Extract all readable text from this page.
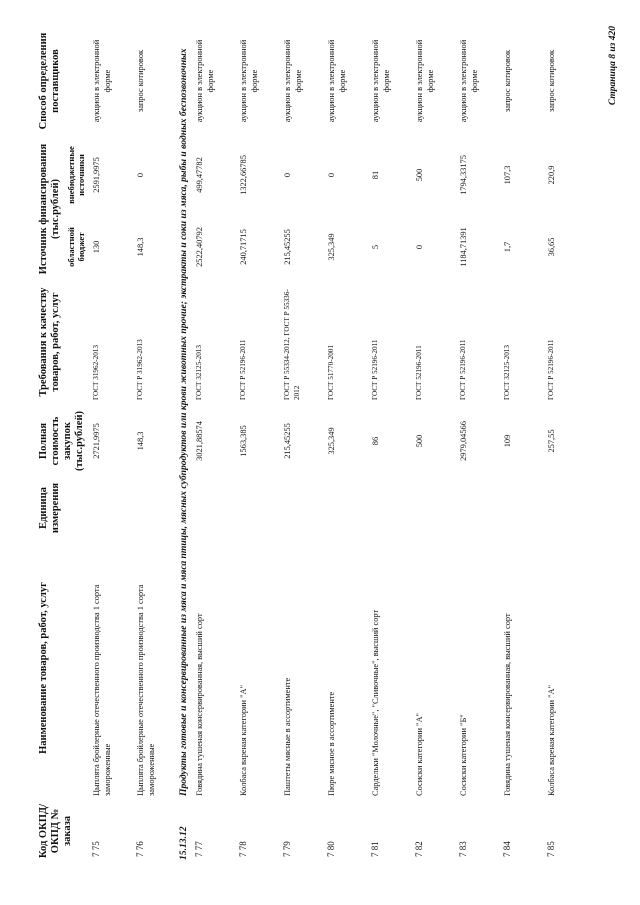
Код ОКПД/ ОКПД № заказа	Наименование товаров, работ, услуг	Единица измерения	Полная стоимость закупок (тыс.рублей)	Требования к качеству товаров, работ, услуг	Источник финансирования (тыс.рублей)		Способ определения поставщиков
					областной бюджет	внебюджетные источники	
7 75	Цыплята бройлерные отечественного производства 1 сорта замороженные		2721,9975	ГОСТ 31962-2013	130	2591,9975	аукцион в электронной форме
7 76	Цыплята бройлерные отечественного производства 1 сорта замороженные		148,3	ГОСТ Р 31962-2013	148,3	0	запрос котировок
15.13.12	Продукты готовые и консервированные из мяса и мяса птицы, мясных субпродуктов или крови животных прочие; экстракты и соки из мяса, рыбы и водных беспозвоночных						
7 77	Говядина тушеная консервированная, высший сорт		3021,88574	ГОСТ 32125-2013	2522,40792	499,47782	аукцион в электронной форме
7 78	Колбаса вареная категории "А"		1563,385	ГОСТ Р 52196-2011	240,71715	1322,66785	аукцион в электронной форме
7 79	Паштеты мясные в ассортименте		215,45255	ГОСТ Р 55334-2012, ГОСТ Р 55336-2012	215,45255	0	аукцион в электронной форме
7 80	Пюре мясное в ассортименте		325,349	ГОСТ 51770-2001	325,349	0	аукцион в электронной форме
7 81	Сардельки "Молочные", "Сливочные", высший сорт		86	ГОСТ Р 52196-2011	5	81	аукцион в электронной форме
7 82	Сосиски категории "А"		500	ГОСТ 52196-2011	0	500	аукцион в электронной форме
7 83	Сосиски категории "Б"		2979,04566	ГОСТ Р 52196-2011	1184,71391	1794,33175	аукцион в электронной форме
7 84	Говядина тушеная консервированная, высший сорт		109	ГОСТ 32125-2013	1,7	107,3	запрос котировок
7 85	Колбаса вареная категории "А"		257,55	ГОСТ Р 52196-2011	36,65	220,9	запрос котировок	Страница 8 из 420
